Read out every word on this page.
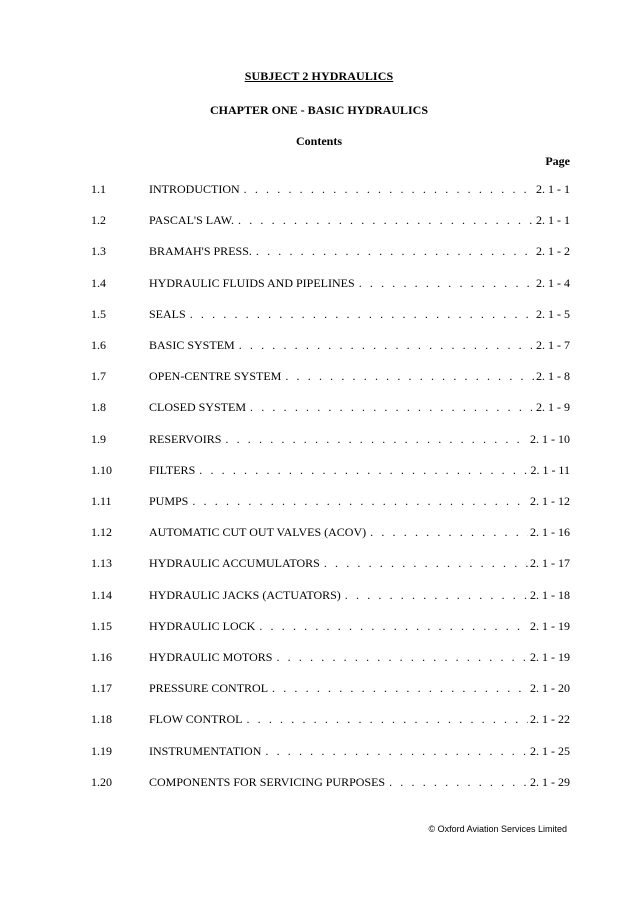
SUBJECT 2 HYDRAULICS
CHAPTER ONE - BASIC HYDRAULICS
Contents
Page
1.1	INTRODUCTION . . .	2. 1 - 1
1.2	PASCAL'S LAW. . . .	2. 1 - 1
1.3	BRAMAH'S PRESS. . . .	2. 1 - 2
1.4	HYDRAULIC FLUIDS AND PIPELINES . . .	2. 1 - 4
1.5	SEALS . . .	2. 1 - 5
1.6	BASIC SYSTEM . . .	2. 1 - 7
1.7	OPEN-CENTRE SYSTEM . . .	2. 1 - 8
1.8	CLOSED SYSTEM . . .	2. 1 - 9
1.9	RESERVOIRS . . .	2. 1 - 10
1.10	FILTERS . . .	2. 1 - 11
1.11	PUMPS . . .	2. 1 - 12
1.12	AUTOMATIC CUT OUT VALVES (ACOV) . . .	2. 1 - 16
1.13	HYDRAULIC ACCUMULATORS . . .	2. 1 - 17
1.14	HYDRAULIC JACKS (ACTUATORS) . . .	2. 1 - 18
1.15	HYDRAULIC LOCK . . .	2. 1 - 19
1.16	HYDRAULIC MOTORS . . .	2. 1 - 19
1.17	PRESSURE CONTROL . . .	2. 1 - 20
1.18	FLOW CONTROL . . .	2. 1 - 22
1.19	INSTRUMENTATION . . .	2. 1 - 25
1.20	COMPONENTS FOR SERVICING PURPOSES . . .	2. 1 - 29
© Oxford Aviation Services Limited
